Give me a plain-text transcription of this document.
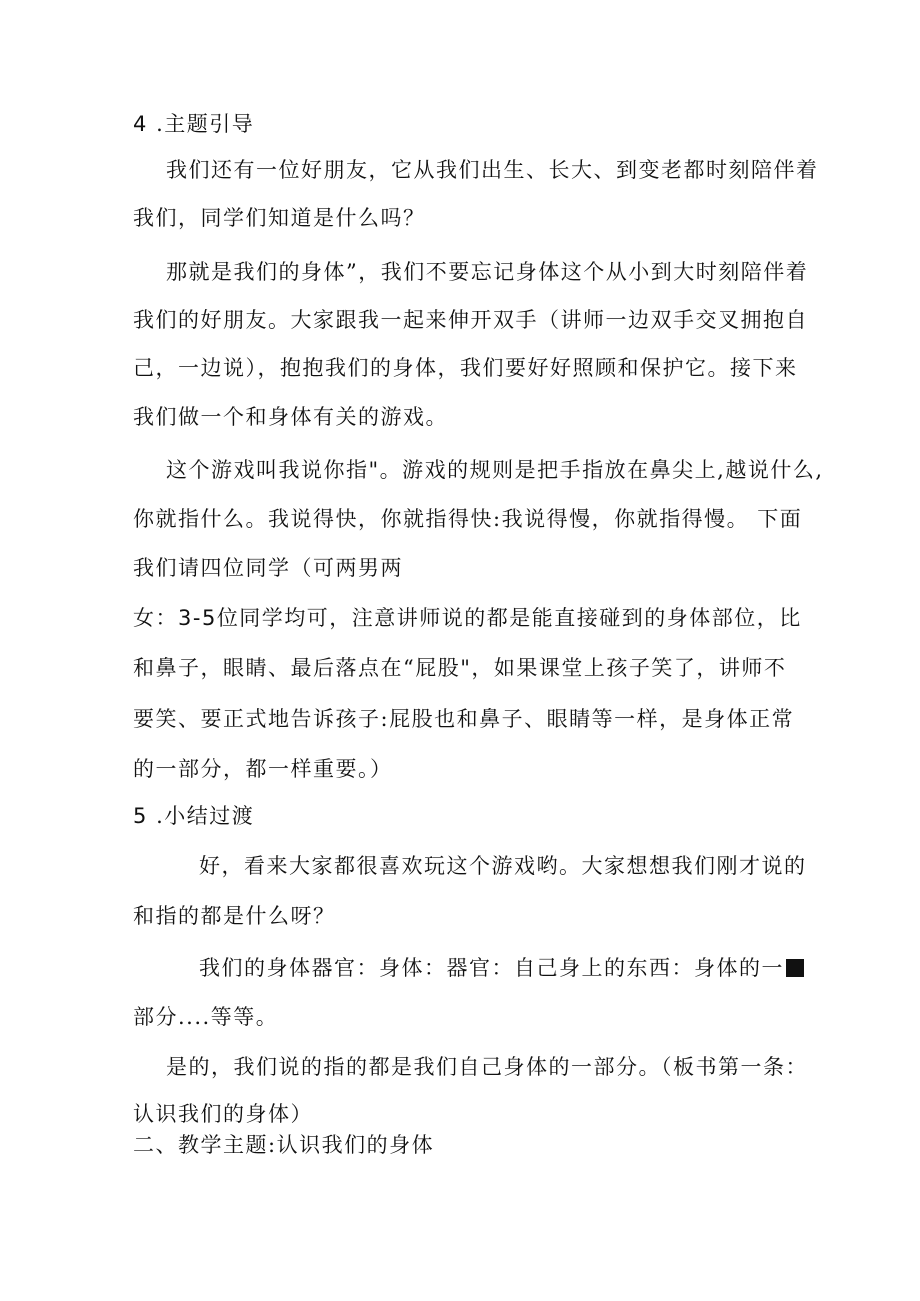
4 .主题引导
我们还有一位好朋友，它从我们出生、长大、到变老都时刻陪伴着
我们，同学们知道是什么吗？
那就是我们的身体”，我们不要忘记身体这个从小到大时刻陪伴着
我们的好朋友。大家跟我一起来伸开双手（讲师一边双手交叉拥抱自
己，一边说），抱抱我们的身体，我们要好好照顾和保护它。接下来
我们做一个和身体有关的游戏。
这个游戏叫我说你指"。游戏的规则是把手指放在鼻尖上,越说什么,
你就指什么。我说得快，你就指得快:我说得慢，你就指得慢。 下面
我们请四位同学（可两男两
女：3-5位同学均可，注意讲师说的都是能直接碰到的身体部位，比
和鼻子，眼睛、最后落点在“屁股"，如果课堂上孩子笑了，讲师不
要笑、要正式地告诉孩子:屁股也和鼻子、眼睛等一样，是身体正常
的一部分，都一样重要。）
5 .小结过渡
好，看来大家都很喜欢玩这个游戏哟。大家想想我们刚才说的
和指的都是什么呀？
我们的身体器官：身体：器官：自己身上的东西：身体的一
部分....等等。
是的，我们说的指的都是我们自己身体的一部分。（板书第一条：
认识我们的身体）
二、教学主题:认识我们的身体
